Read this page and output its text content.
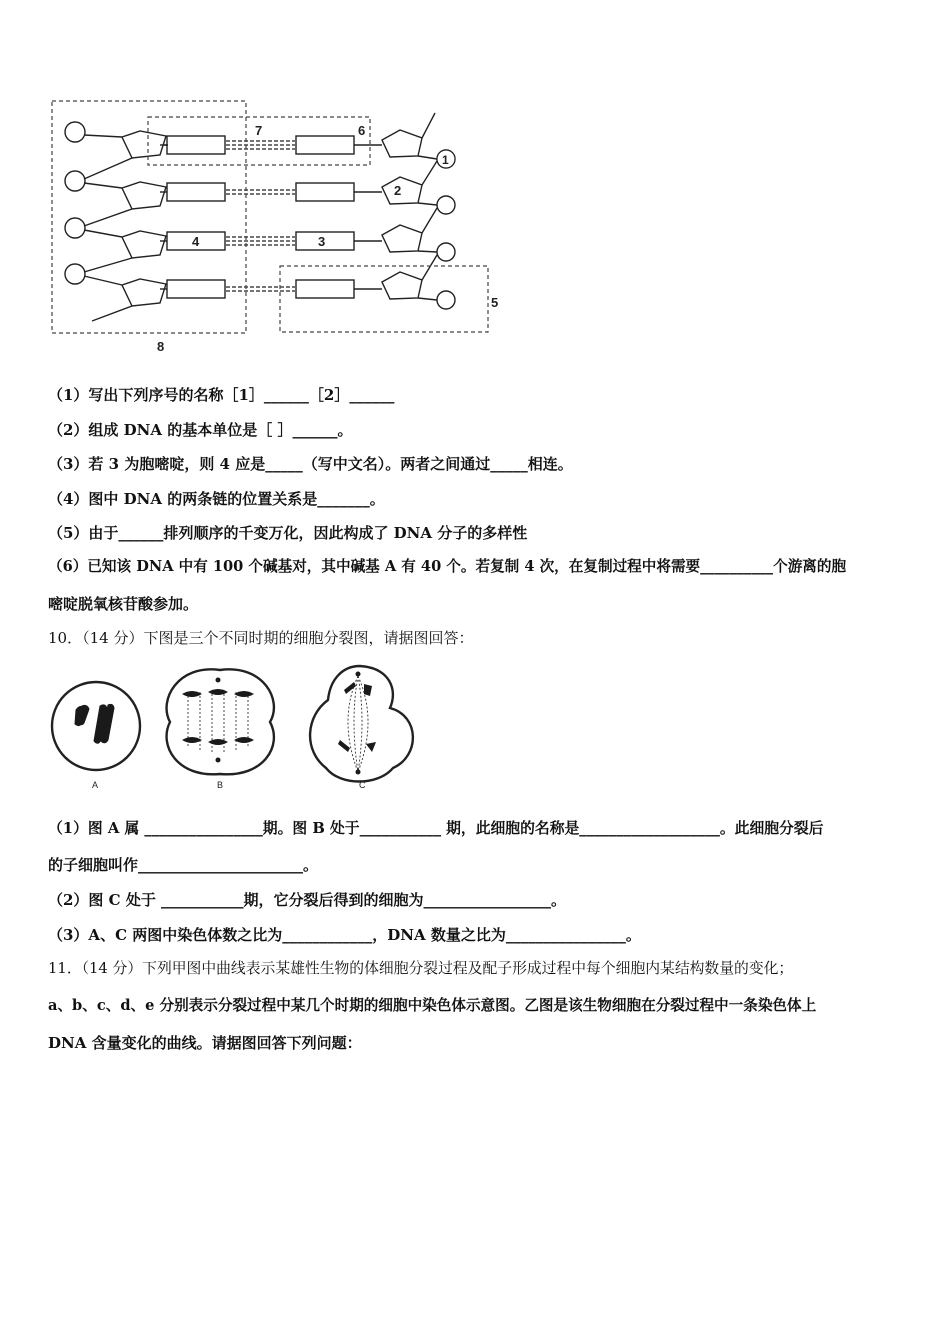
7	6
2
4	3
5
8
1
（1）写出下列序号的名称［1］______［2］______
（2）组成 DNA 的基本单位是［ ］______。
（3）若 3 为胞嘧啶，则 4 应是_____（写中文名）。两者之间通过_____相连。
（4）图中 DNA 的两条链的位置关系是_______。
（5）由于______排列顺序的千变万化，因此构成了 DNA 分子的多样性
（6）已知该 DNA 中有 100 个碱基对，其中碱基 A 有 40 个。若复制 4 次，在复制过程中将需要__________个游离的胞
嘧啶脱氧核苷酸参加。
10．（14 分）下图是三个不同时期的细胞分裂图，请据图回答：
A	B	C
（1）图 A 属 ________________期。图 B 处于___________ 期，此细胞的名称是___________________。此细胞分裂后
的子细胞叫作______________________。
（2）图 C 处于 ___________期，它分裂后得到的细胞为_________________。
（3）A、C 两图中染色体数之比为____________，DNA 数量之比为________________。
11．（14 分）下列甲图中曲线表示某雄性生物的体细胞分裂过程及配子形成过程中每个细胞内某结构数量的变化；
a、b、c、d、e 分别表示分裂过程中某几个时期的细胞中染色体示意图。乙图是该生物细胞在分裂过程中一条染色体上
DNA 含量变化的曲线。请据图回答下列问题：
